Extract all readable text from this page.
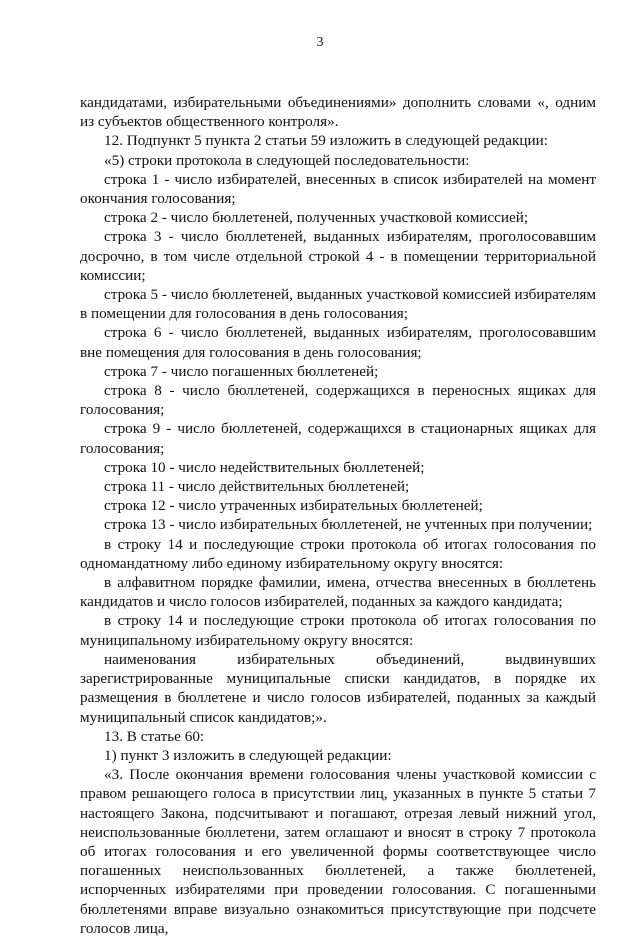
3

кандидатами, избирательными объединениями» дополнить словами «, одним из субъектов общественного контроля».

12. Подпункт 5 пункта 2 статьи 59 изложить в следующей редакции:

«5) строки протокола в следующей последовательности:

строка 1 - число избирателей, внесенных в список избирателей на момент окончания голосования;

строка 2 - число бюллетеней, полученных участковой комиссией;

строка 3 - число бюллетеней, выданных избирателям, проголосовавшим досрочно, в том числе отдельной строкой 4 - в помещении территориальной комиссии;

строка 5 - число бюллетеней, выданных участковой комиссией избирателям в помещении для голосования в день голосования;

строка 6 - число бюллетеней, выданных избирателям, проголосовавшим вне помещения для голосования в день голосования;

строка 7 - число погашенных бюллетеней;

строка 8 - число бюллетеней, содержащихся в переносных ящиках для голосования;

строка 9 - число бюллетеней, содержащихся в стационарных ящиках для голосования;

строка 10 - число недействительных бюллетеней;

строка 11 - число действительных бюллетеней;

строка 12 - число утраченных избирательных бюллетеней;

строка 13 - число избирательных бюллетеней, не учтенных при получении;

в строку 14 и последующие строки протокола об итогах голосования по одномандатному либо единому избирательному округу вносятся:

в алфавитном порядке фамилии, имена, отчества внесенных в бюллетень кандидатов и число голосов избирателей, поданных за каждого кандидата;

в строку 14 и последующие строки протокола об итогах голосования по муниципальному избирательному округу вносятся:

наименования избирательных объединений, выдвинувших зарегистрированные муниципальные списки кандидатов, в порядке их размещения в бюллетене и число голосов избирателей, поданных за каждый муниципальный список кандидатов;».

13. В статье 60:

1) пункт 3 изложить в следующей редакции:

«3. После окончания времени голосования члены участковой комиссии с правом решающего голоса в присутствии лиц, указанных в пункте 5 статьи 7 настоящего Закона, подсчитывают и погашают, отрезая левый нижний угол, неиспользованные бюллетени, затем оглашают и вносят в строку 7 протокола об итогах голосования и его увеличенной формы соответствующее число погашенных неиспользованных бюллетеней, а также бюллетеней, испорченных избирателями при проведении голосования. С погашенными бюллетенями вправе визуально ознакомиться присутствующие при подсчете голосов лица,
